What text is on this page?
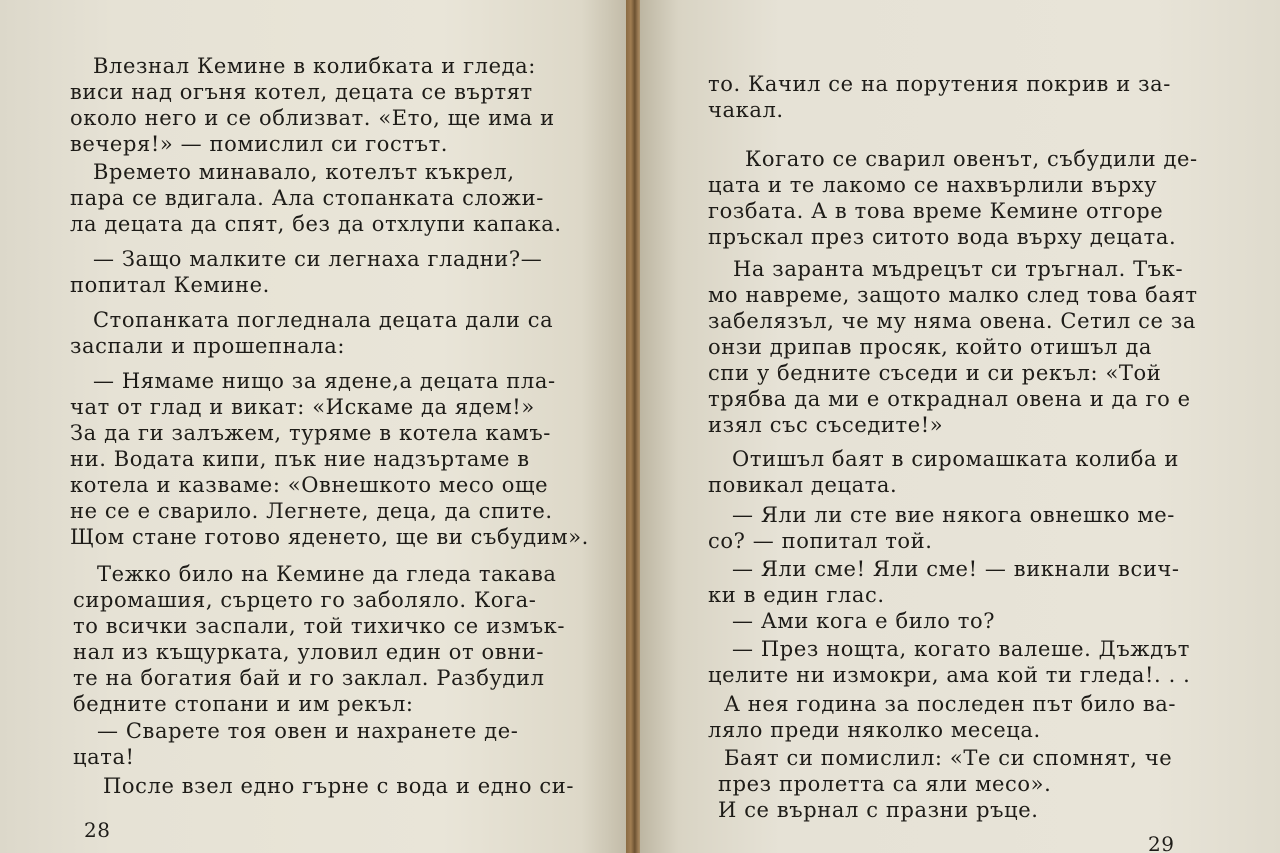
Влезнал Кемине в колибката и гледа:
виси над огъня котел, децата се въртят
около него и се облизват. «Ето, ще има и
вечеря!» — помислил си гостът.
Времето минавало, котелът къкрел,
пара се вдигала. Ала стопанката сложи-
ла децата да спят, без да отхлупи капака.
— Защо малките си легнаха гладни?—
попитал Кемине.
Стопанката погледнала децата дали са
заспали и прошепнала:
— Нямаме нищо за ядене,а децата пла-
чат от глад и викат: «Искаме да ядем!»
За да ги залъжем, туряме в котела камъ-
ни. Водата кипи, пък ние надзъртаме в
котела и казваме: «Овнешкото месо още
не се е сварило. Легнете, деца, да спите.
Щом стане готово яденето, ще ви събудим».
Тежко било на Кемине да гледа такава
сиромашия, сърцето го заболяло. Кога-
то всички заспали, той тихичко се измък-
нал из къщурката, уловил един от овни-
те на богатия бай и го заклал. Разбудил
бедните стопани и им рекъл:
— Сварете тоя овен и нахранете де-
цата!
После взел едно гърне с вода и едно си-
28
то. Качил се на порутения покрив и за-
чакал.
Когато се сварил овенът, събудили де-
цата и те лакомо се нахвърлили върху
гозбата. А в това време Кемине отгоре
пръскал през ситото вода върху децата.
На заранта мъдрецът си тръгнал. Тък-
мо навреме, защото малко след това баят
забелязъл, че му няма овена. Сетил се за
онзи дрипав просяк, който отишъл да
спи у бедните съседи и си рекъл: «Той
трябва да ми е откраднал овена и да го е
изял със съседите!»
Отишъл баят в сиромашката колиба и
повикал децата.
— Яли ли сте вие някога овнешко ме-
со? — попитал той.
— Яли сме! Яли сме! — викнали всич-
ки в един глас.
— Ами кога е било то?
— През нощта, когато валеше. Дъждът
целите ни измокри, ама кой ти гледа!. . .
А нея година за последен път било ва-
ляло преди няколко месеца.
Баят си помислил: «Те си спомнят, че
през пролетта са яли месо».
И се върнал с празни ръце.
29
